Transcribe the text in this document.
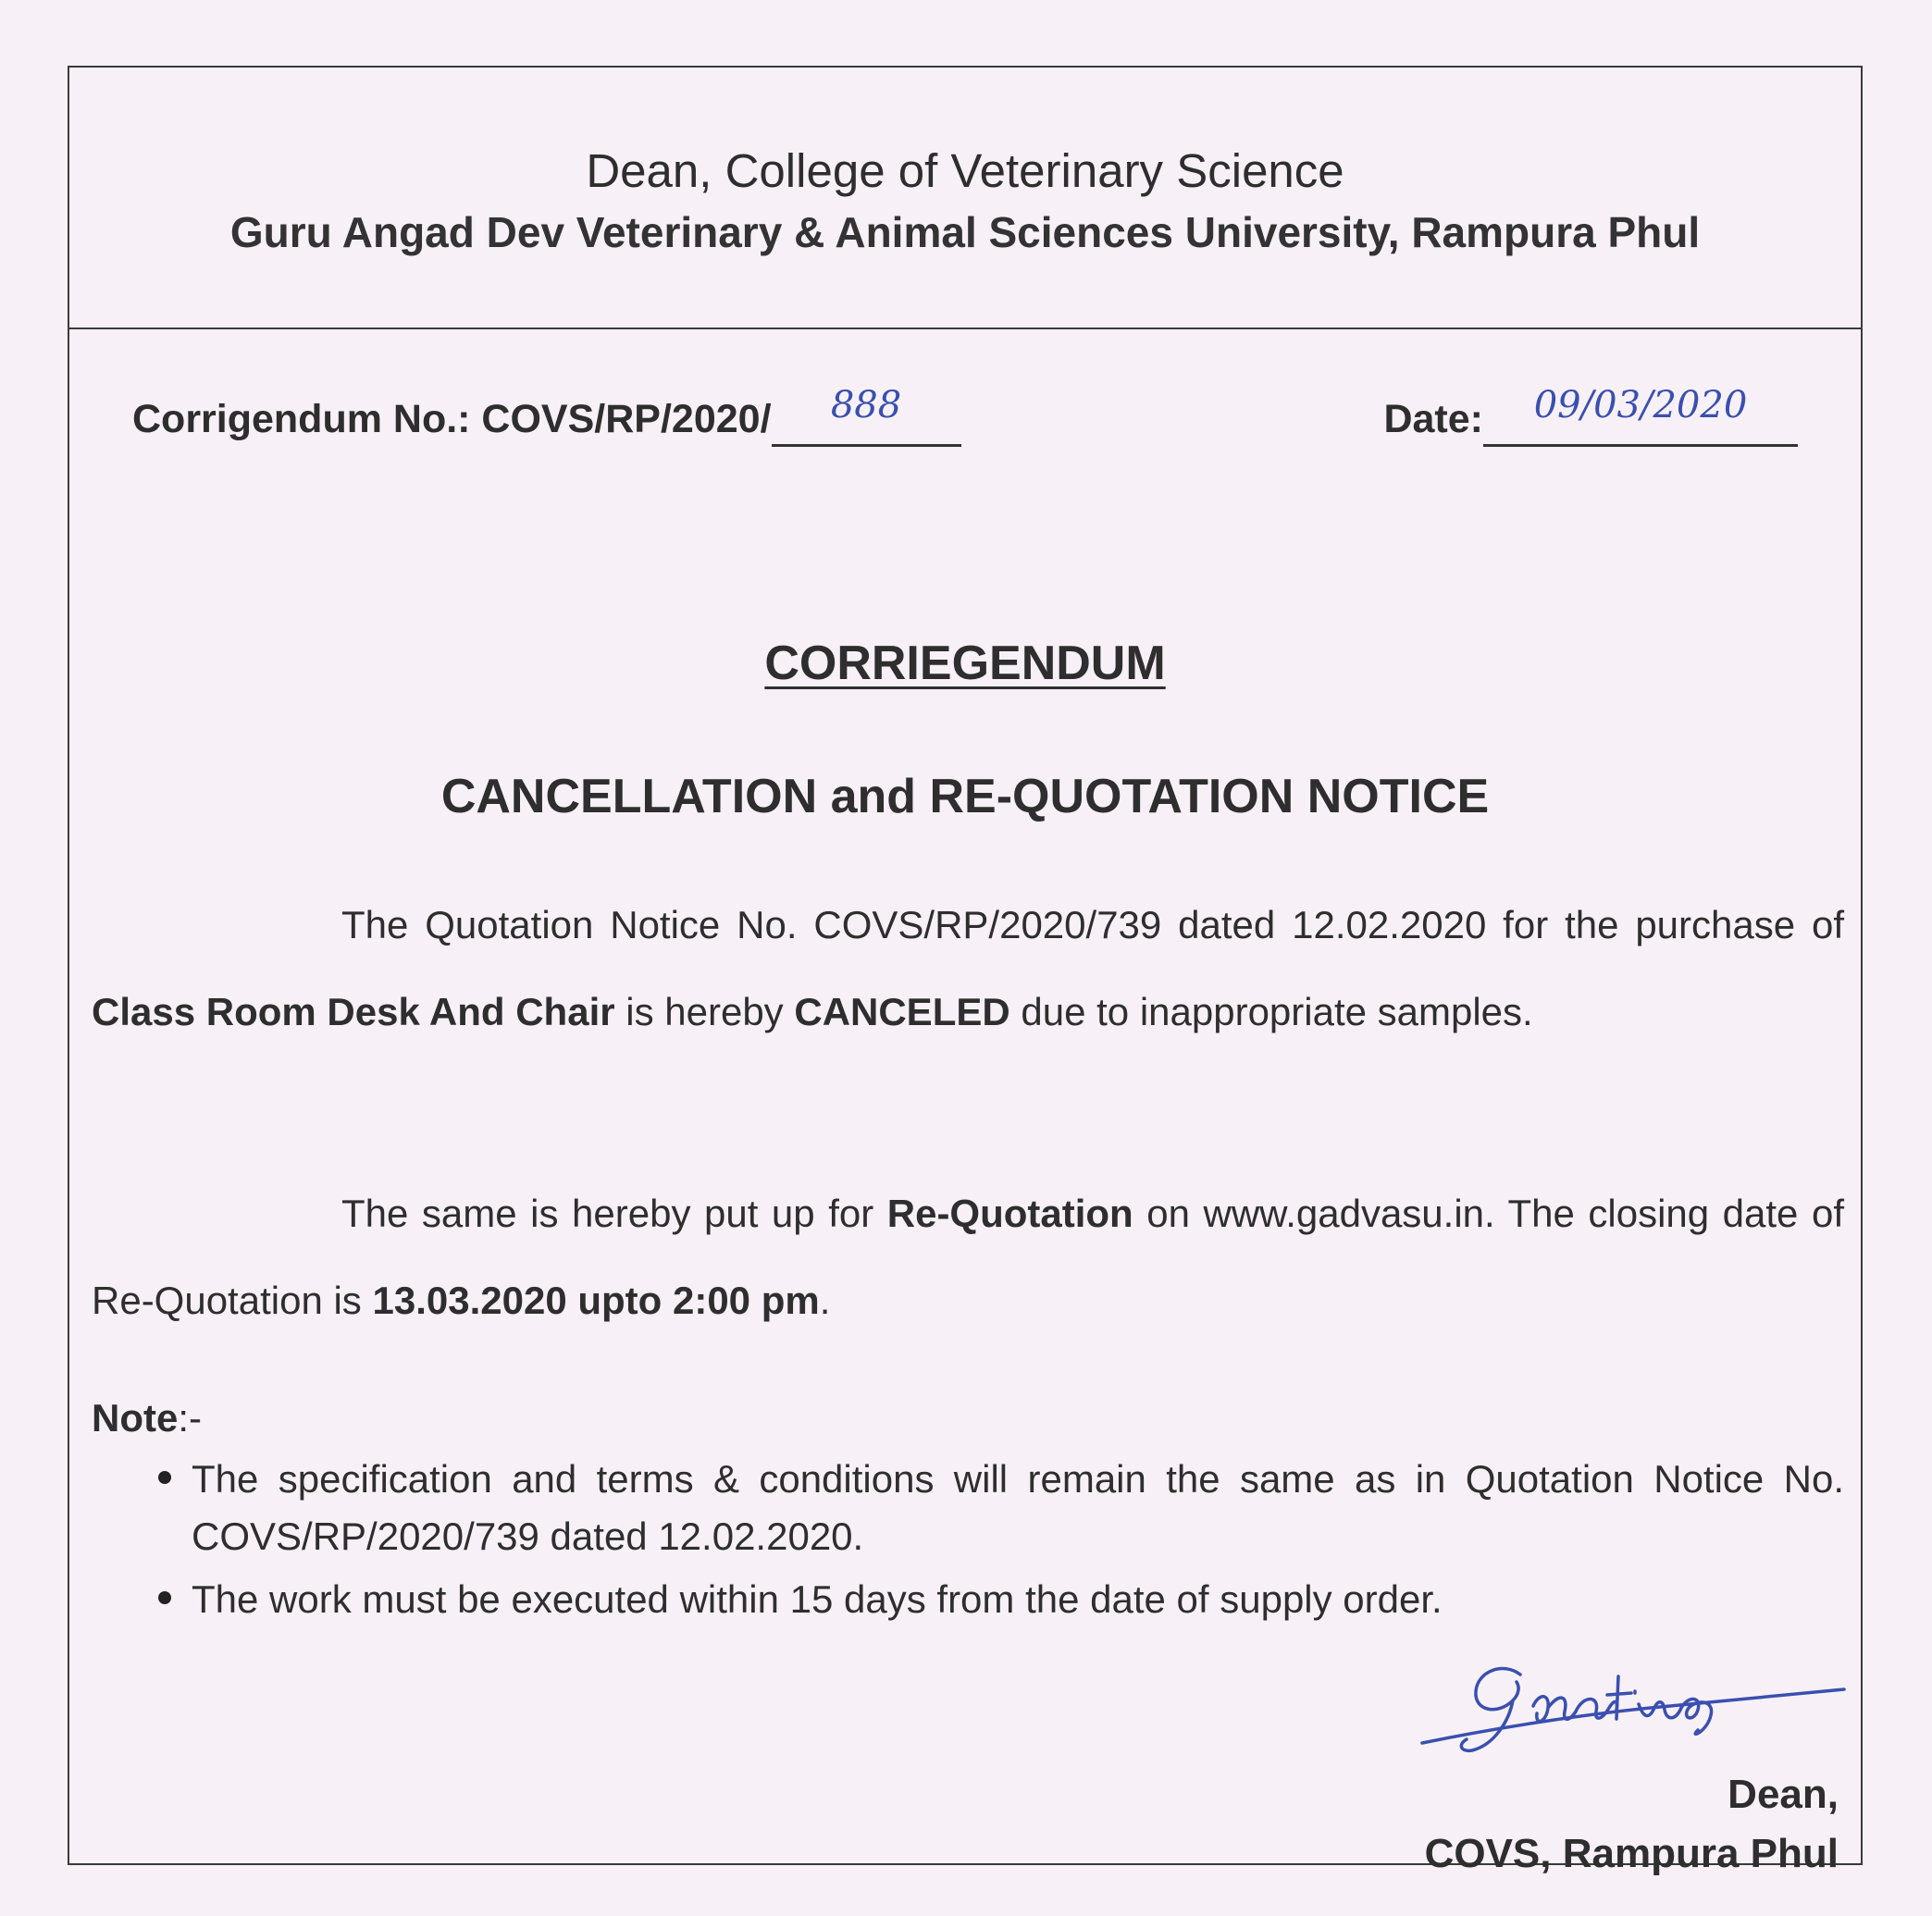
Dean, College of Veterinary Science
Guru Angad Dev Veterinary & Animal Sciences University, Rampura Phul
Corrigendum No.: COVS/RP/2020/ 888	Date: 09/03/2020
CORRIEGENDUM
CANCELLATION and RE-QUOTATION NOTICE
The Quotation Notice No. COVS/RP/2020/739 dated 12.02.2020 for the purchase of Class Room Desk And Chair is hereby CANCELED due to inappropriate samples.
The same is hereby put up for Re-Quotation on www.gadvasu.in. The closing date of Re-Quotation is 13.03.2020 upto 2:00 pm.
Note:-
The specification and terms & conditions will remain the same as in Quotation Notice No. COVS/RP/2020/739 dated 12.02.2020.
The work must be executed within 15 days from the date of supply order.
Dean,
COVS, Rampura Phul
